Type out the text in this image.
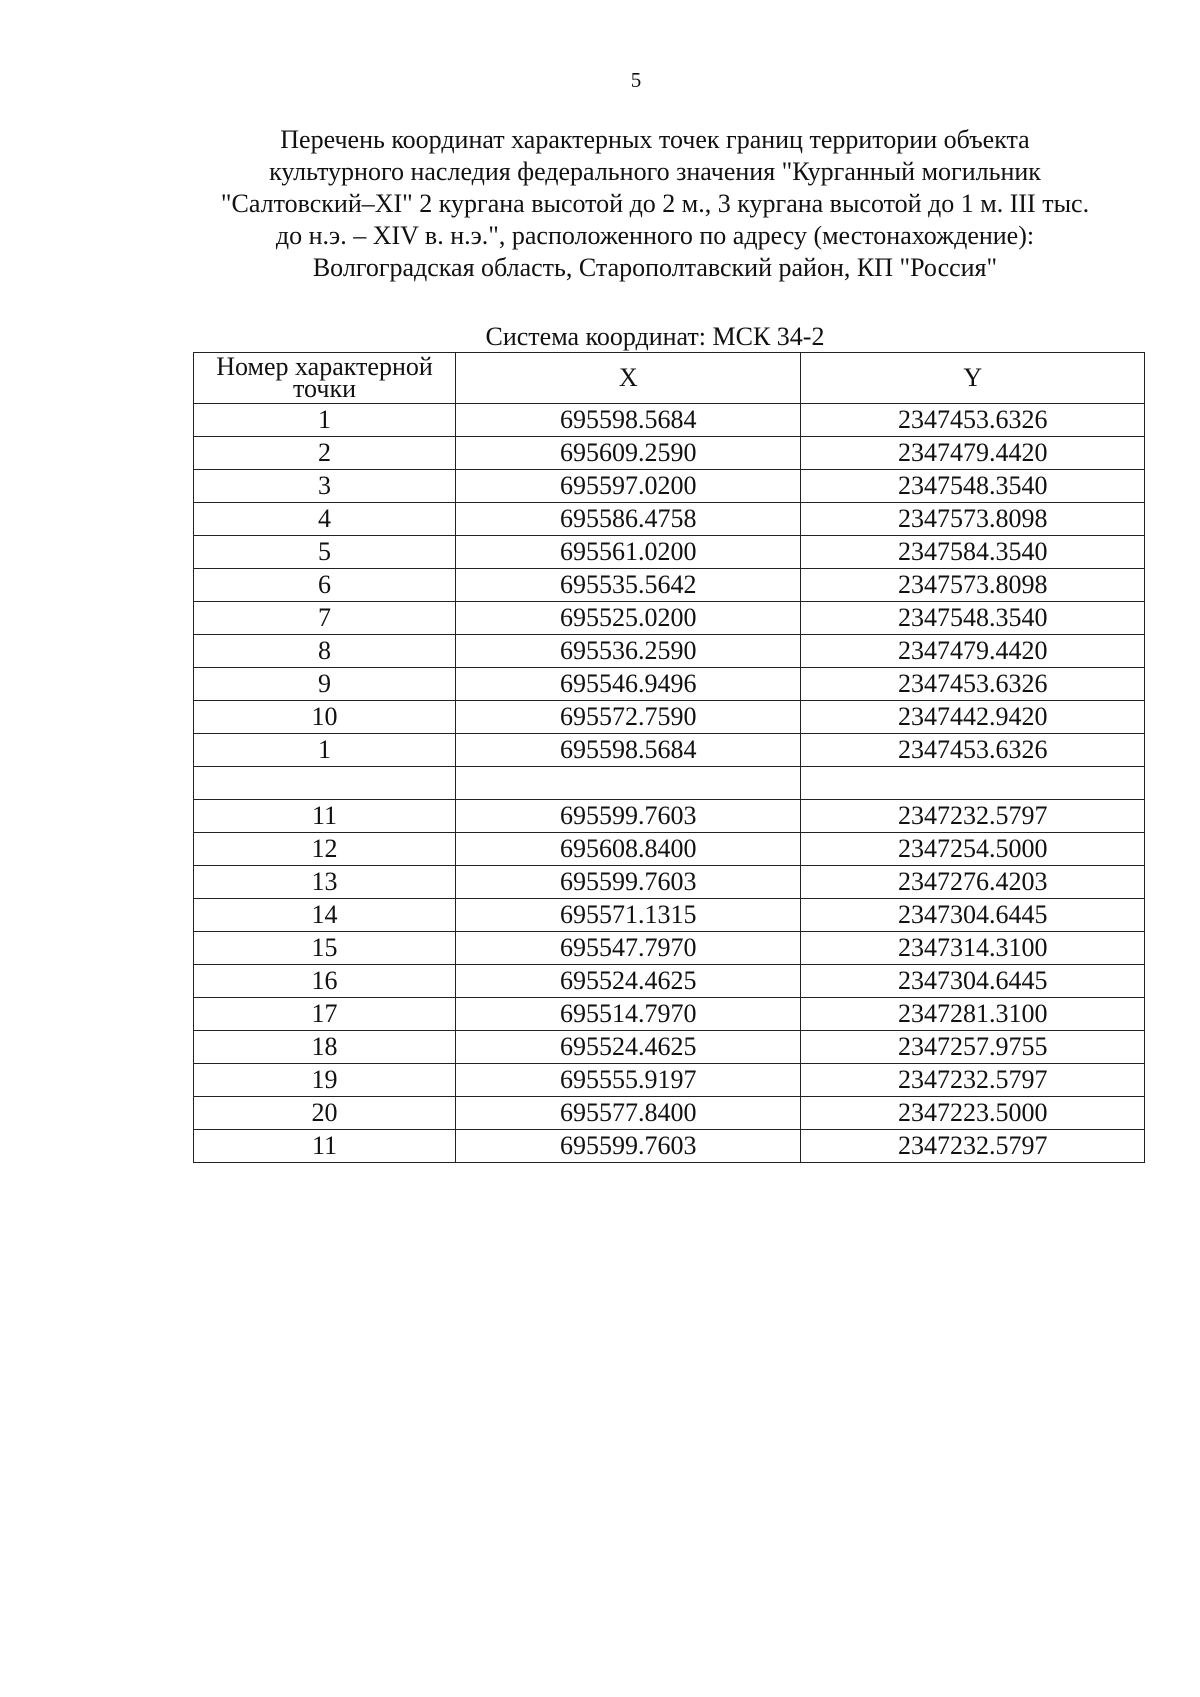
5
Перечень координат характерных точек границ территории объекта
культурного наследия федерального значения "Курганный могильник
"Салтовский–XI" 2 кургана высотой до 2 м., 3 кургана высотой до 1 м. III тыс.
до н.э. – XIV в. н.э.", расположенного по адресу (местонахождение):
Волгоградская область, Старополтавский район, КП "Россия"
Система координат: МСК 34-2
Номер характерной
точки	X	Y
1	695598.5684	2347453.6326
2	695609.2590	2347479.4420
3	695597.0200	2347548.3540
4	695586.4758	2347573.8098
5	695561.0200	2347584.3540
6	695535.5642	2347573.8098
7	695525.0200	2347548.3540
8	695536.2590	2347479.4420
9	695546.9496	2347453.6326
10	695572.7590	2347442.9420
1	695598.5684	2347453.6326

11	695599.7603	2347232.5797
12	695608.8400	2347254.5000
13	695599.7603	2347276.4203
14	695571.1315	2347304.6445
15	695547.7970	2347314.3100
16	695524.4625	2347304.6445
17	695514.7970	2347281.3100
18	695524.4625	2347257.9755
19	695555.9197	2347232.5797
20	695577.8400	2347223.5000
11	695599.7603	2347232.5797
